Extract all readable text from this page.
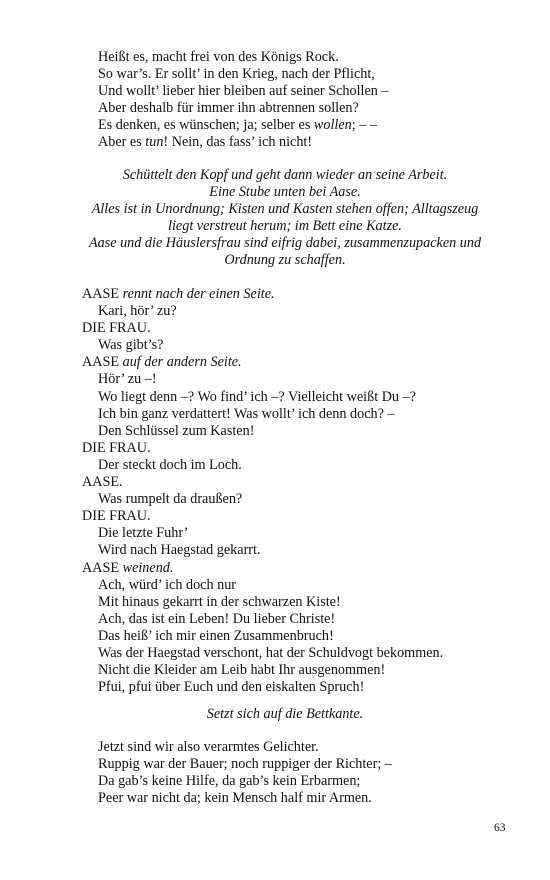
Heißt es, macht frei von des Königs Rock.
So war’s. Er sollt’ in den Krieg, nach der Pflicht,
Und wollt’ lieber hier bleiben auf seiner Schollen –
Aber deshalb für immer ihn abtrennen sollen?
Es denken, es wünschen; ja; selber es wollen; – –
Aber es tun! Nein, das fass’ ich nicht!
Schüttelt den Kopf und geht dann wieder an seine Arbeit.
Eine Stube unten bei Aase.
Alles ist in Unordnung; Kisten und Kasten stehen offen; Alltagszeug
liegt verstreut herum; im Bett eine Katze.
Aase und die Häuslersfrau sind eifrig dabei, zusammenzupacken und
Ordnung zu schaffen.
AASE rennt nach der einen Seite.
Kari, hör’ zu?
DIE FRAU.
Was gibt’s?
AASE auf der andern Seite.
Hör’ zu –!
Wo liegt denn –? Wo find’ ich –? Vielleicht weißt Du –?
Ich bin ganz verdattert! Was wollt’ ich denn doch? –
Den Schlüssel zum Kasten!
DIE FRAU.
Der steckt doch im Loch.
AASE.
Was rumpelt da draußen?
DIE FRAU.
Die letzte Fuhr’
Wird nach Haegstad gekarrt.
AASE weinend.
Ach, würd’ ich doch nur
Mit hinaus gekarrt in der schwarzen Kiste!
Ach, das ist ein Leben! Du lieber Christe!
Das heiß’ ich mir einen Zusammenbruch!
Was der Haegstad verschont, hat der Schuldvogt bekommen.
Nicht die Kleider am Leib habt Ihr ausgenommen!
Pfui, pfui über Euch und den eiskalten Spruch!
Setzt sich auf die Bettkante.
Jetzt sind wir also verarmtes Gelichter.
Ruppig war der Bauer; noch ruppiger der Richter; –
Da gab’s keine Hilfe, da gab’s kein Erbarmen;
Peer war nicht da; kein Mensch half mir Armen.
63
